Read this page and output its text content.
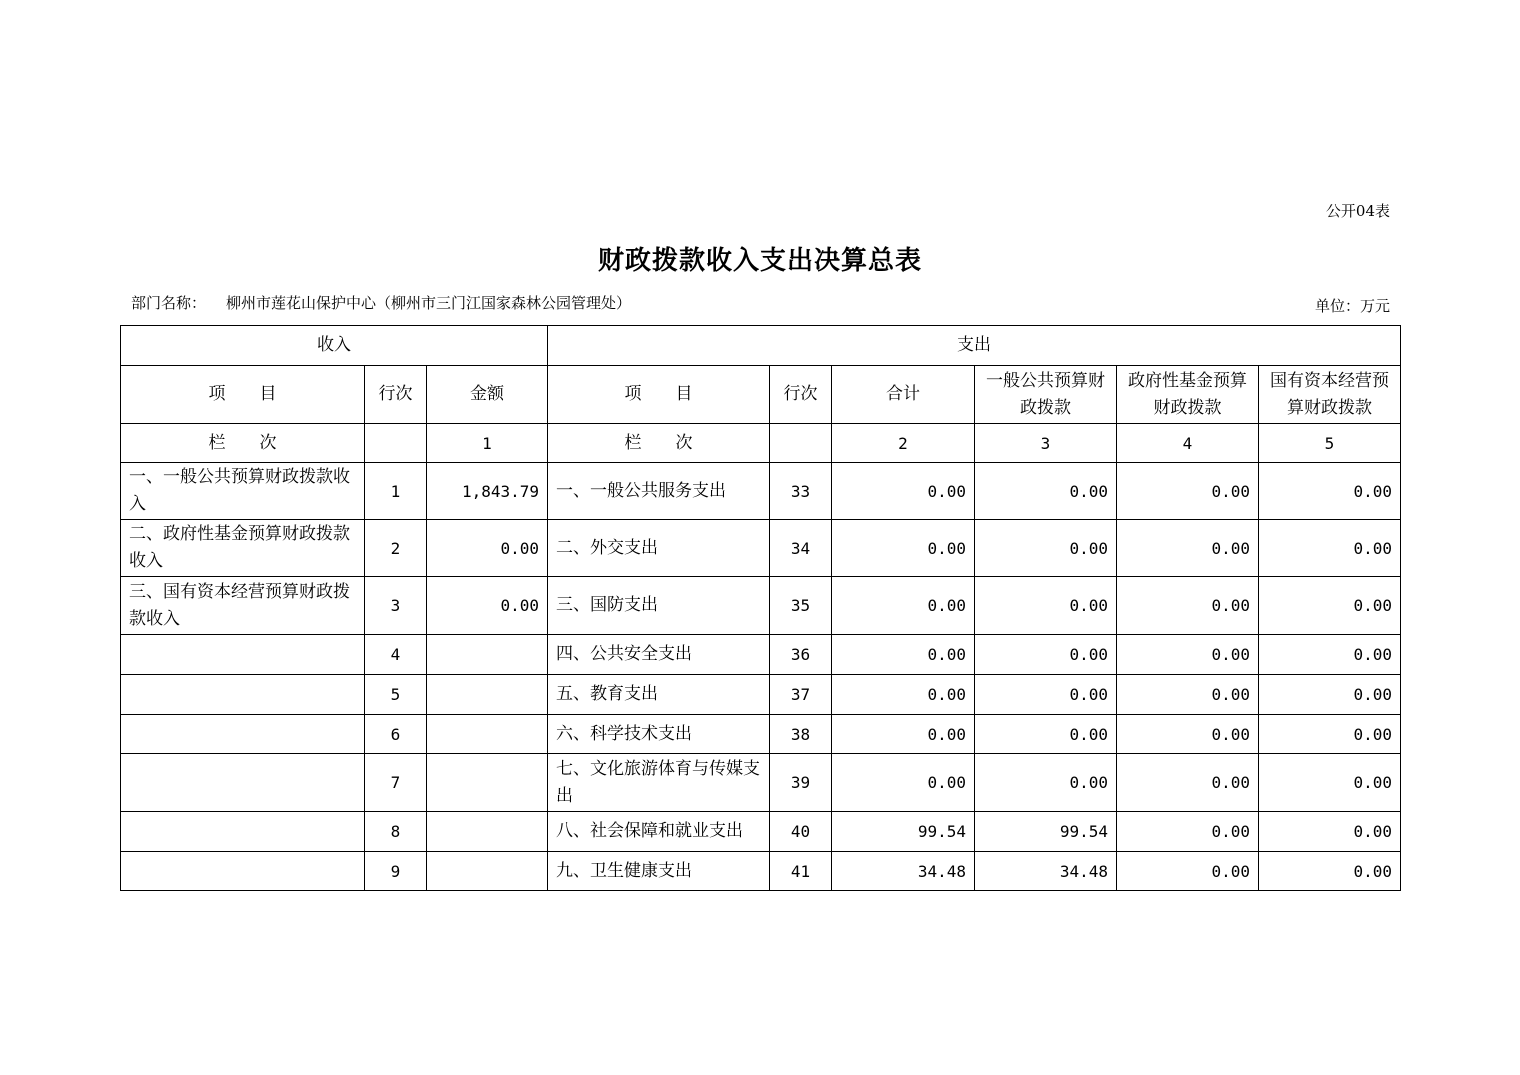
公开04表
财政拨款收入支出决算总表
部门名称： 柳州市莲花山保护中心（柳州市三门江国家森林公园管理处）	单位：万元
收入			支出					
项　　目	行次	金额	项　　目	行次	合计	一般公共预算财政拨款	政府性基金预算财政拨款	国有资本经营预算财政拨款
栏　　次		1	栏　　次		2	3	4	5
一、一般公共预算财政拨款收入	1	1,843.79	一、一般公共服务支出	33	0.00	0.00	0.00	0.00
二、政府性基金预算财政拨款收入	2	0.00	二、外交支出	34	0.00	0.00	0.00	0.00
三、国有资本经营预算财政拨款收入	3	0.00	三、国防支出	35	0.00	0.00	0.00	0.00
	4		四、公共安全支出	36	0.00	0.00	0.00	0.00
	5		五、教育支出	37	0.00	0.00	0.00	0.00
	6		六、科学技术支出	38	0.00	0.00	0.00	0.00
	7		七、文化旅游体育与传媒支出	39	0.00	0.00	0.00	0.00
	8		八、社会保障和就业支出	40	99.54	99.54	0.00	0.00
	9		九、卫生健康支出	41	34.48	34.48	0.00	0.00
